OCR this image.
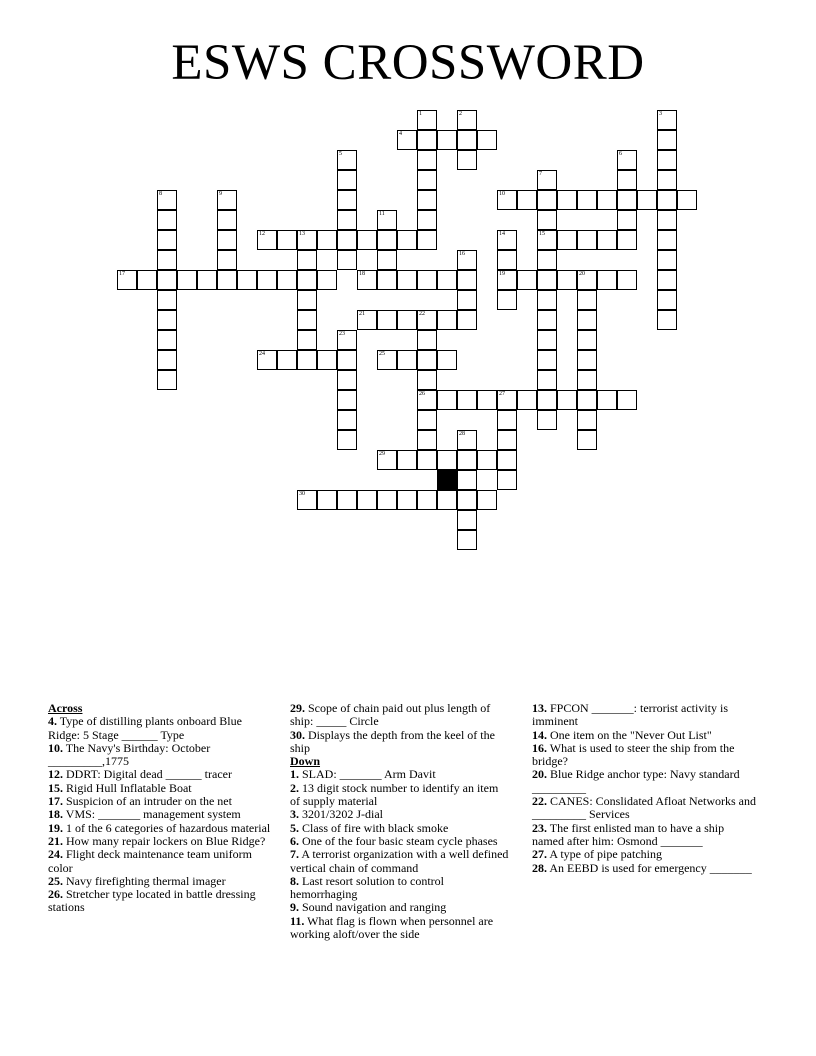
ESWS CROSSWORD
4
10
12	13	15
17	18	19	20
21	22
24	25
26	27
29
30
1	2	3
5	6
7
8	9
11
14
16
23
28
Across
4. Type of distilling plants onboard Blue Ridge: 5 Stage ______ Type
10. The Navy's Birthday: October _________,1775
12. DDRT: Digital dead ______ tracer
15. Rigid Hull Inflatable Boat
17. Suspicion of an intruder on the net
18. VMS: _______ management system
19. 1 of the 6 categories of hazardous material
21. How many repair lockers on Blue Ridge?
24. Flight deck maintenance team uniform color
25. Navy firefighting thermal imager
26. Stretcher type located in battle dressing stations
29. Scope of chain paid out plus length of ship: _____ Circle
30. Displays the depth from the keel of the ship
Down
1. SLAD: _______ Arm Davit
2. 13 digit stock number to identify an item of supply material
3. 3201/3202 J-dial
5. Class of fire with black smoke
6. One of the four basic steam cycle phases
7. A terrorist organization with a well defined vertical chain of command
8. Last resort solution to control hemorrhaging
9. Sound navigation and ranging
11. What flag is flown when personnel are working aloft/over the side
13. FPCON _______: terrorist activity is imminent
14. One item on the "Never Out List"
16. What is used to steer the ship from the bridge?
20. Blue Ridge anchor type: Navy standard _________
22. CANES: Conslidated Afloat Networks and _________ Services
23. The first enlisted man to have a ship named after him: Osmond _______
27. A type of pipe patching
28. An EEBD is used for emergency _______
